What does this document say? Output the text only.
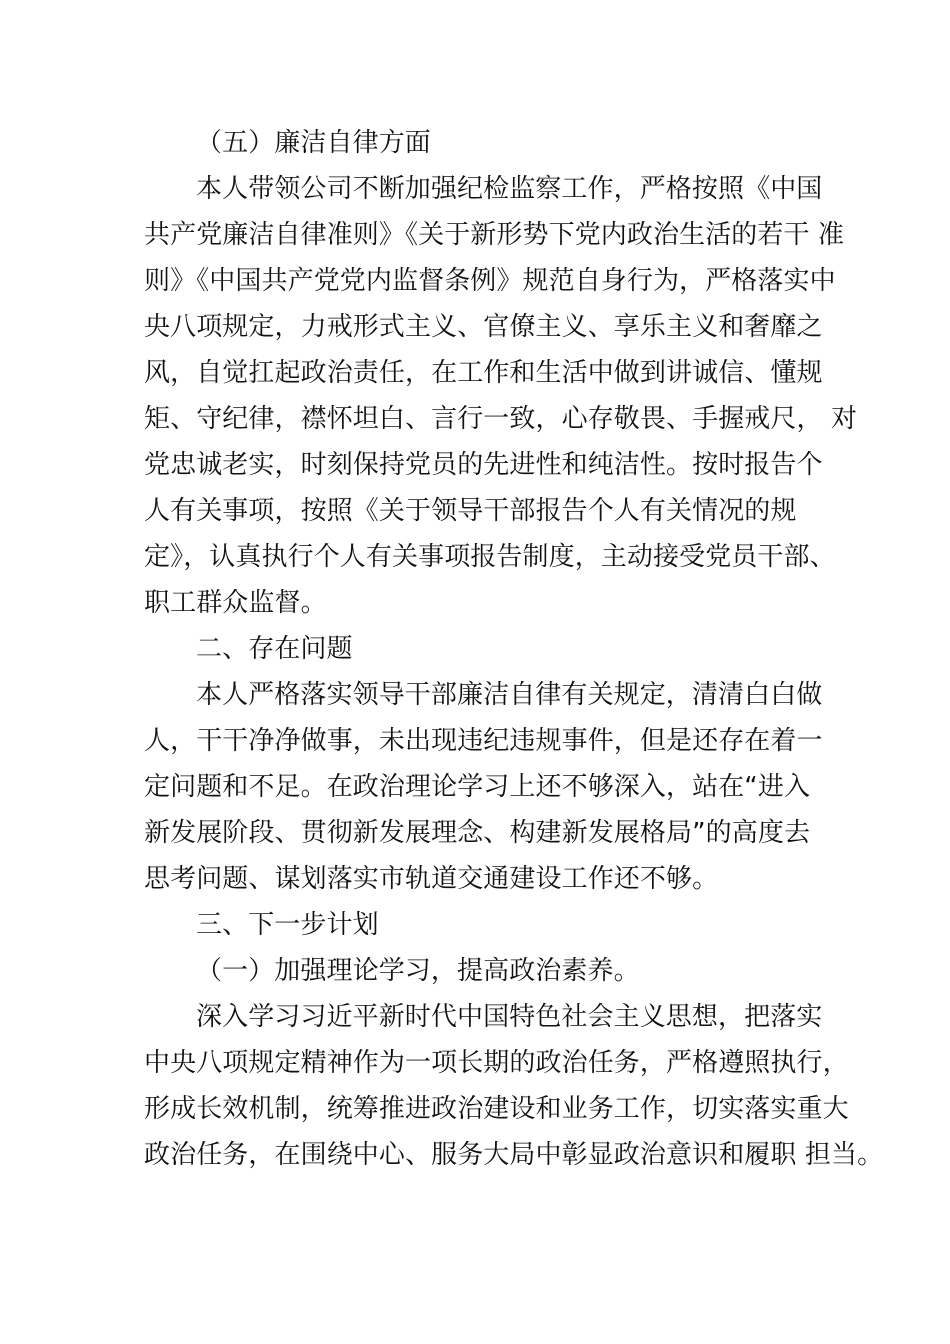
（五）廉洁自律方面
本人带领公司不断加强纪检监察工作，严格按照《中国
共产党廉洁自律准则》《关于新形势下党内政治生活的若干 准
则》《中国共产党党内监督条例》规范自身行为，严格落实中
央八项规定，力戒形式主义、官僚主义、享乐主义和奢靡之
风，自觉扛起政治责任，在工作和生活中做到讲诚信、懂规
矩、守纪律，襟怀坦白、言行一致，心存敬畏、手握戒尺， 对
党忠诚老实，时刻保持党员的先进性和纯洁性。按时报告个
人有关事项，按照《关于领导干部报告个人有关情况的规
定》，认真执行个人有关事项报告制度，主动接受党员干部、
职工群众监督。
二、存在问题
本人严格落实领导干部廉洁自律有关规定，清清白白做
人，干干净净做事，未出现违纪违规事件，但是还存在着一
定问题和不足。在政治理论学习上还不够深入，站在“进入
新发展阶段、贯彻新发展理念、构建新发展格局”的高度去
思考问题、谋划落实市轨道交通建设工作还不够。
三、下一步计划
（一）加强理论学习，提高政治素养。
深入学习习近平新时代中国特色社会主义思想，把落实
中央八项规定精神作为一项长期的政治任务，严格遵照执行，
形成长效机制，统筹推进政治建设和业务工作，切实落实重大
政治任务，在围绕中心、服务大局中彰显政治意识和履职 担当。
